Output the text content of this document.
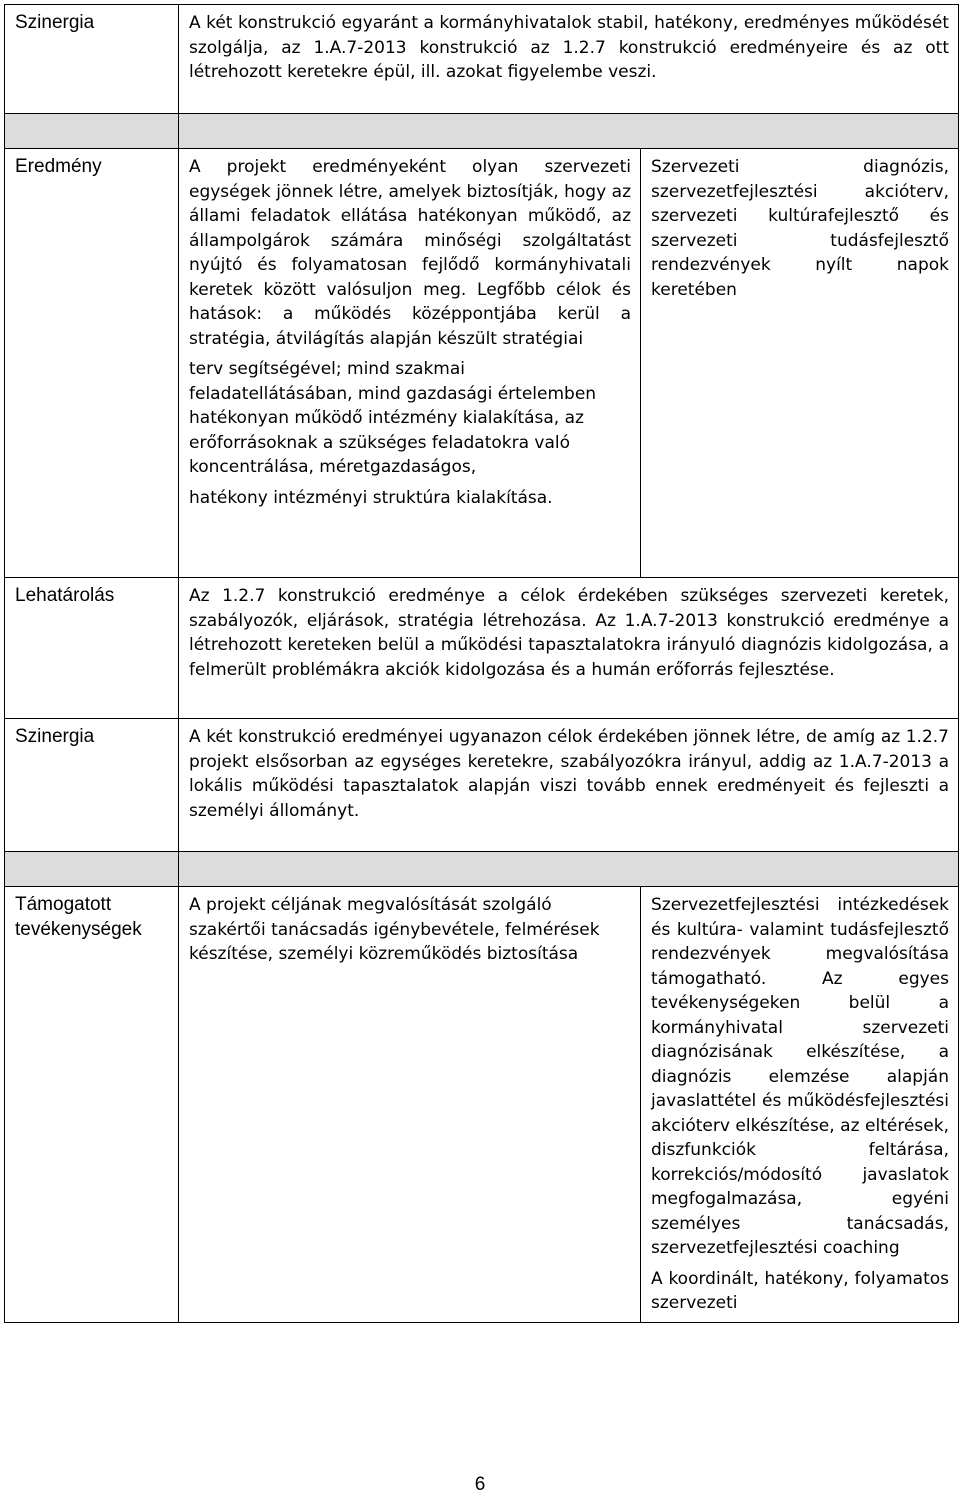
Szinergia	A két konstrukció egyaránt a kormányhivatalok stabil, hatékony, eredményes működését szolgálja, az 1.A.7-2013 konstrukció az 1.2.7 konstrukció eredményeire és az ott létrehozott keretekre épül, ill. azokat figyelembe veszi.	

Eredmény	A projekt eredményeként olyan szervezeti egységek jönnek létre, amelyek biztosítják, hogy az állami feladatok ellátása hatékonyan működő, az állampolgárok számára minőségi szolgáltatást nyújtó és folyamatosan fejlődő kormányhivatali keretek között valósuljon meg. Legfőbb célok és hatások: a működés középpontjába kerül a stratégia, átvilágítás alapján készült stratégiai

terv segítségével; mind szakmai feladatellátásában, mind gazdasági értelemben hatékonyan működő intézmény kialakítása, az erőforrásoknak a szükséges feladatokra való koncentrálása, méretgazdaságos,

hatékony intézményi struktúra kialakítása.	Szervezeti diagnózis, szervezetfejlesztési akcióterv, szervezeti kultúrafejlesztő és szervezeti tudásfejlesztő rendezvények nyílt napok keretében
Lehatárolás	Az 1.2.7 konstrukció eredménye a célok érdekében szükséges szervezeti keretek, szabályozók, eljárások, stratégia létrehozása. Az 1.A.7-2013 konstrukció eredménye a létrehozott kereteken belül a működési tapasztalatokra irányuló diagnózis kidolgozása, a felmerült problémákra akciók kidolgozása és a humán erőforrás fejlesztése.	
Szinergia	A két konstrukció eredményei ugyanazon célok érdekében jönnek létre, de amíg az 1.2.7 projekt elsősorban az egységes keretekre, szabályozókra irányul, addig az 1.A.7-2013 a lokális működési tapasztalatok alapján viszi tovább ennek eredményeit és fejleszti a személyi állományt.	

Támogatott tevékenységek	A projekt céljának megvalósítását szolgáló szakértői tanácsadás igénybevétele, felmérések készítése, személyi közreműködés biztosítása	Szervezetfejlesztési intézkedések és kultúra- valamint tudásfejlesztő rendezvények megvalósítása támogatható. Az egyes tevékenységeken belül a kormányhivatal szervezeti diagnózisának elkészítése, a diagnózis elemzése alapján javaslattétel és működésfejlesztési akcióterv elkészítése, az eltérések, diszfunkciók feltárása, korrekciós/módosító javaslatok megfogalmazása, egyéni személyes tanácsadás, szervezetfejlesztési coaching

A koordinált, hatékony, folyamatos szervezeti

6
